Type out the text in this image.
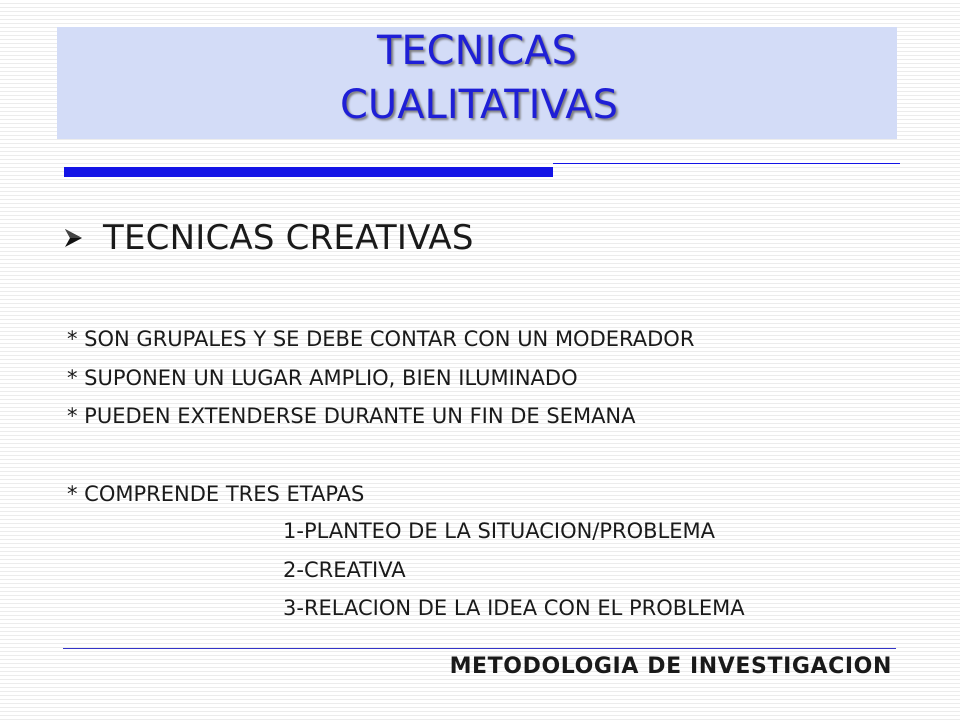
TECNICAS
CUALITATIVAS
TECNICAS CREATIVAS
* SON GRUPALES Y SE DEBE CONTAR CON UN MODERADOR
* SUPONEN UN LUGAR AMPLIO, BIEN ILUMINADO
* PUEDEN EXTENDERSE DURANTE UN FIN DE SEMANA
* COMPRENDE TRES ETAPAS
1-PLANTEO DE LA SITUACION/PROBLEMA
2-CREATIVA
3-RELACION DE LA IDEA CON EL PROBLEMA
METODOLOGIA DE INVESTIGACION
